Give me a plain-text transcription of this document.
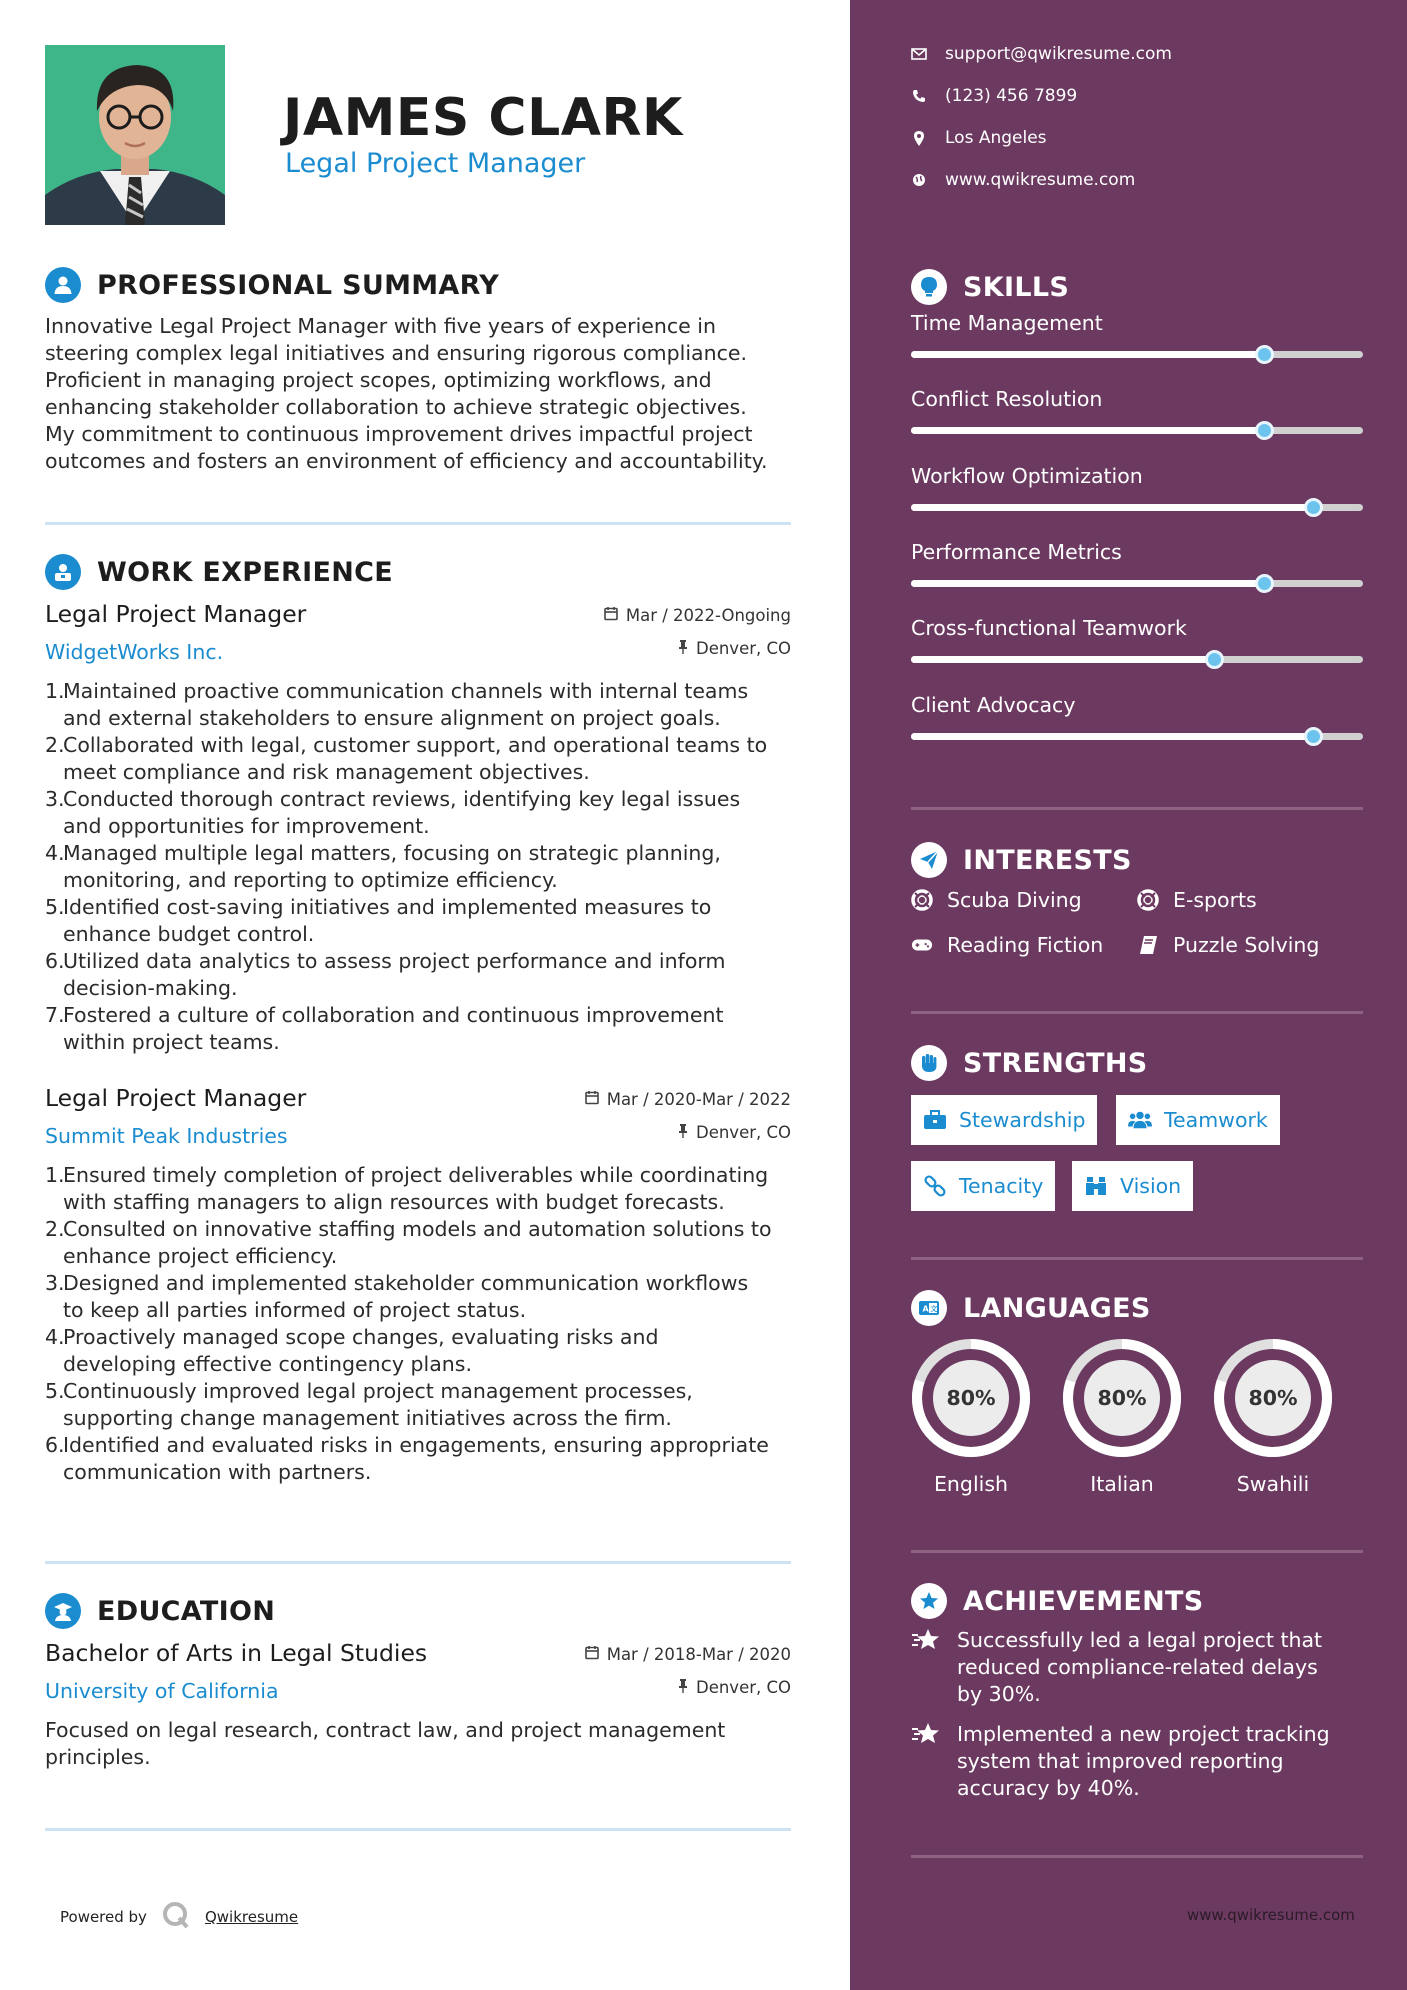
JAMES CLARK
Legal Project Manager
PROFESSIONAL SUMMARY
Innovative Legal Project Manager with five years of experience in
steering complex legal initiatives and ensuring rigorous compliance.
Proficient in managing project scopes, optimizing workflows, and
enhancing stakeholder collaboration to achieve strategic objectives.
My commitment to continuous improvement drives impactful project
outcomes and fosters an environment of efficiency and accountability.
WORK EXPERIENCE
Legal Project Manager
WidgetWorks Inc.
Mar / 2022-Ongoing
Denver, CO
1.
Maintained proactive communication channels with internal teams
and external stakeholders to ensure alignment on project goals.
2.
Collaborated with legal, customer support, and operational teams to
meet compliance and risk management objectives.
3.
Conducted thorough contract reviews, identifying key legal issues
and opportunities for improvement.
4.
Managed multiple legal matters, focusing on strategic planning,
monitoring, and reporting to optimize efficiency.
5.
Identified cost-saving initiatives and implemented measures to
enhance budget control.
6.
Utilized data analytics to assess project performance and inform
decision-making.
7.
Fostered a culture of collaboration and continuous improvement
within project teams.
Legal Project Manager
Summit Peak Industries
Mar / 2020-Mar / 2022
Denver, CO
1.
Ensured timely completion of project deliverables while coordinating
with staffing managers to align resources with budget forecasts.
2.
Consulted on innovative staffing models and automation solutions to
enhance project efficiency.
3.
Designed and implemented stakeholder communication workflows
to keep all parties informed of project status.
4.
Proactively managed scope changes, evaluating risks and
developing effective contingency plans.
5.
Continuously improved legal project management processes,
supporting change management initiatives across the firm.
6.
Identified and evaluated risks in engagements, ensuring appropriate
communication with partners.
EDUCATION
Bachelor of Arts in Legal Studies
University of California
Mar / 2018-Mar / 2020
Denver, CO
Focused on legal research, contract law, and project management
principles.
Powered by	Qwikresume
support@qwikresume.com
(123) 456 7899
Los Angeles
www.qwikresume.com
SKILLS
Time Management
Conflict Resolution
Workflow Optimization
Performance Metrics
Cross-functional Teamwork
Client Advocacy
INTERESTS
Scuba Diving	E-sports
Reading Fiction	Puzzle Solving
STRENGTHS
Stewardship	Teamwork
Tenacity	Vision
A 文 LANGUAGES
80%
English
80%
Italian
80%
Swahili
ACHIEVEMENTS
Successfully led a legal project that
reduced compliance-related delays
by 30%.
Implemented a new project tracking
system that improved reporting
accuracy by 40%.
www.qwikresume.com
